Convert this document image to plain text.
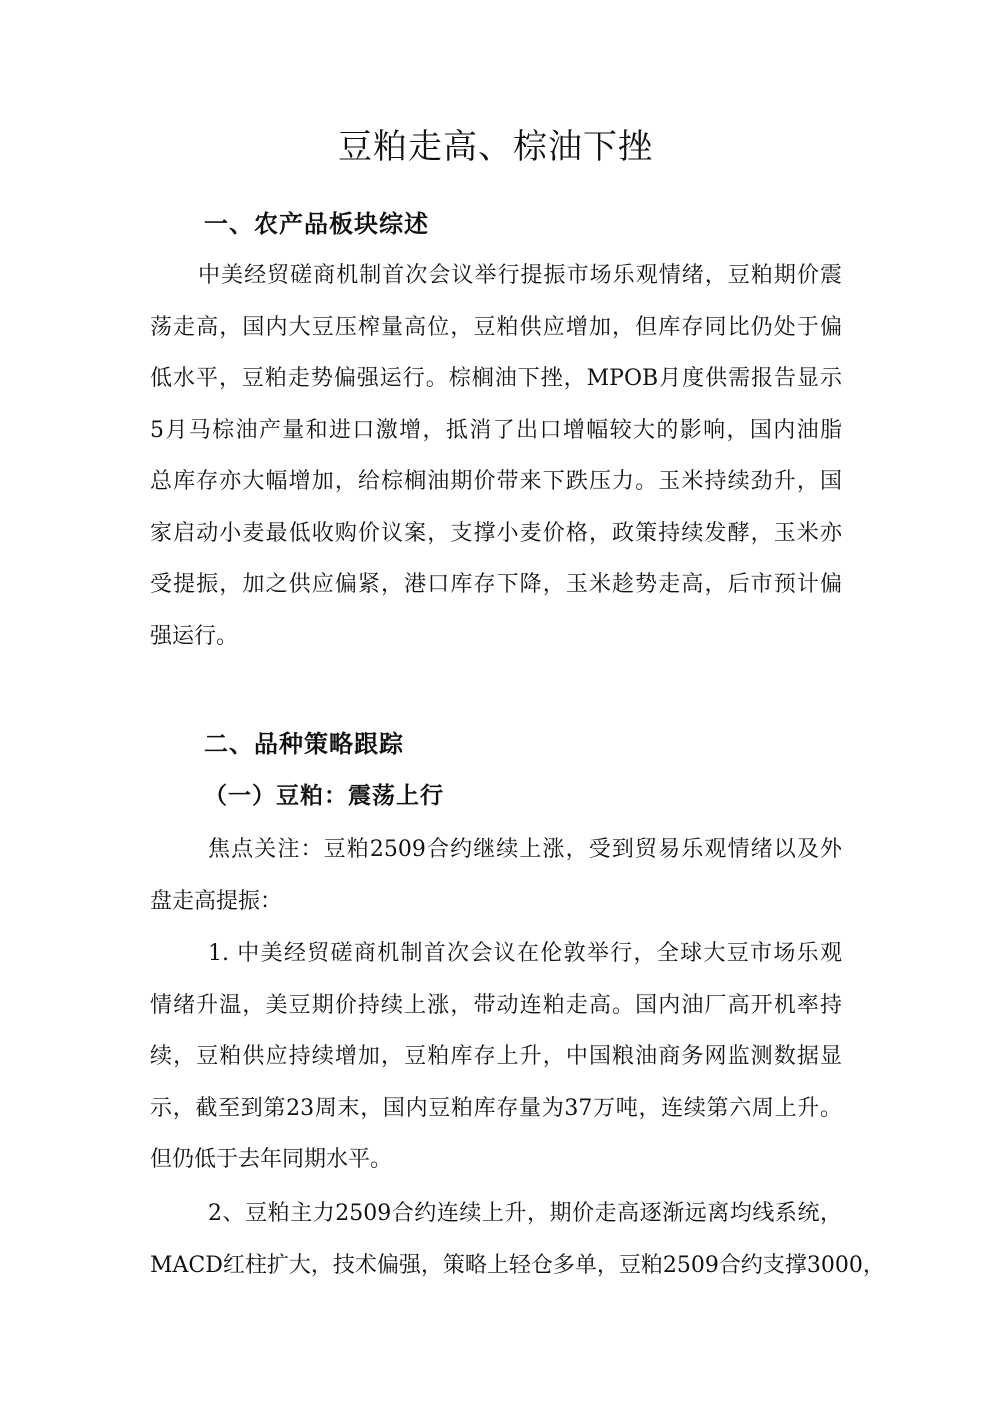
豆粕走高、棕油下挫
一、农产品板块综述
中美经贸磋商机制首次会议举行提振市场乐观情绪，豆粕期价震
荡走高，国内大豆压榨量高位，豆粕供应增加，但库存同比仍处于偏
低水平，豆粕走势偏强运行。棕榈油下挫，MPOB月度供需报告显示
5月马棕油产量和进口激增，抵消了出口增幅较大的影响，国内油脂
总库存亦大幅增加，给棕榈油期价带来下跌压力。玉米持续劲升，国
家启动小麦最低收购价议案，支撑小麦价格，政策持续发酵，玉米亦
受提振，加之供应偏紧，港口库存下降，玉米趁势走高，后市预计偏
强运行。
二、品种策略跟踪
（一）豆粕：震荡上行
焦点关注：豆粕2509合约继续上涨，受到贸易乐观情绪以及外
盘走高提振：
1. 中美经贸磋商机制首次会议在伦敦举行，全球大豆市场乐观
情绪升温，美豆期价持续上涨，带动连粕走高。国内油厂高开机率持
续，豆粕供应持续增加，豆粕库存上升，中国粮油商务网监测数据显
示，截至到第23周末，国内豆粕库存量为37万吨，连续第六周上升。
但仍低于去年同期水平。
2、豆粕主力2509合约连续上升，期价走高逐渐远离均线系统，
MACD红柱扩大，技术偏强，策略上轻仓多单，豆粕2509合约支撑3000，
